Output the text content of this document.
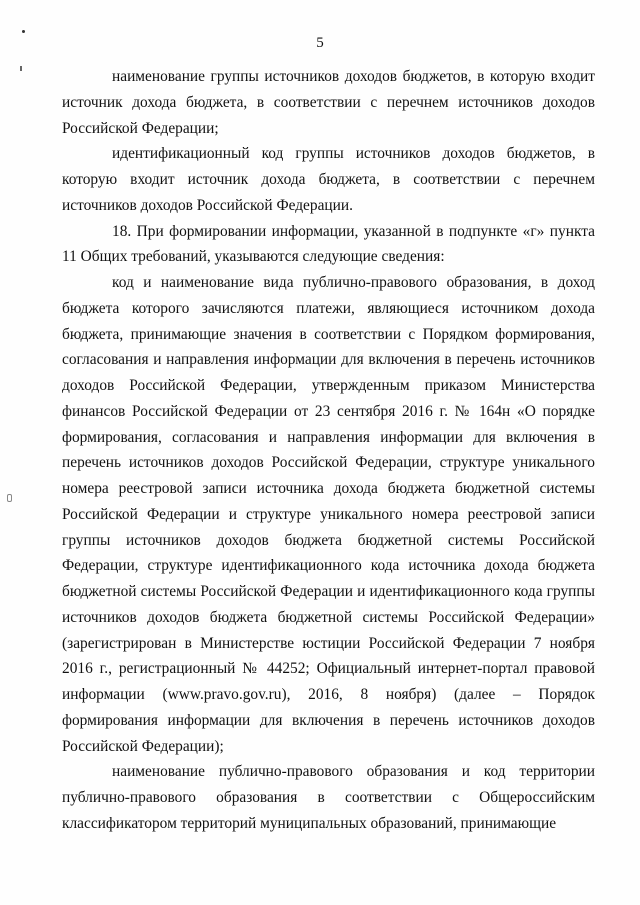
5

наименование группы источников доходов бюджетов, в которую входит источник дохода бюджета, в соответствии с перечнем источников доходов Российской Федерации;

идентификационный код группы источников доходов бюджетов, в которую входит источник дохода бюджета, в соответствии с перечнем источников доходов Российской Федерации.

18. При формировании информации, указанной в подпункте «г» пункта 11 Общих требований, указываются следующие сведения:

код и наименование вида публично-правового образования, в доход бюджета которого зачисляются платежи, являющиеся источником дохода бюджета, принимающие значения в соответствии с Порядком формирования, согласования и направления информации для включения в перечень источников доходов Российской Федерации, утвержденным приказом Министерства финансов Российской Федерации от 23 сентября 2016 г. № 164н «О порядке формирования, согласования и направления информации для включения в перечень источников доходов Российской Федерации, структуре уникального номера реестровой записи источника дохода бюджета бюджетной системы Российской Федерации и структуре уникального номера реестровой записи группы источников доходов бюджета бюджетной системы Российской Федерации, структуре идентификационного кода источника дохода бюджета бюджетной системы Российской Федерации и идентификационного кода группы источников доходов бюджета бюджетной системы Российской Федерации» (зарегистрирован в Министерстве юстиции Российской Федерации 7 ноября 2016 г., регистрационный № 44252; Официальный интернет-портал правовой информации (www.pravo.gov.ru), 2016, 8 ноября) (далее – Порядок формирования информации для включения в перечень источников доходов Российской Федерации);

наименование публично-правового образования и код территории публично-правового образования в соответствии с Общероссийским классификатором территорий муниципальных образований, принимающие
